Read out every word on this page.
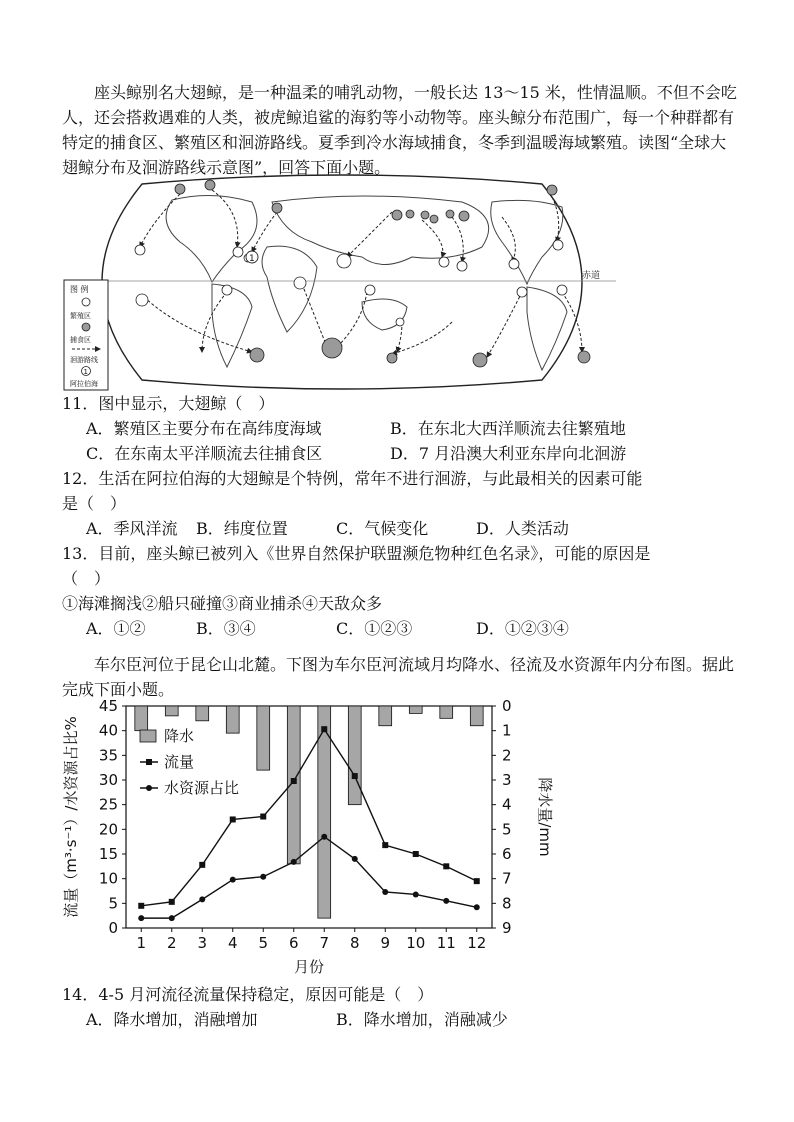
座头鲸别名大翅鲸，是一种温柔的哺乳动物，一般长达 13～15 米，性情温顺。不但不会吃人，还会搭救遇难的人类，被虎鲸追鲨的海豹等小动物等。座头鲸分布范围广，每一个种群都有特定的捕食区、繁殖区和洄游路线。夏季到冷水海域捕食，冬季到温暖海域繁殖。读图“全球大翅鲸分布及洄游路线示意图”，回答下面小题。

赤道
1
图 例
繁殖区
捕食区
洄游路线
1
阿拉伯海
11．图中显示，大翅鲸（　）
A．繁殖区主要分布在高纬度海域	B．在东北大西洋顺流去往繁殖地
C．在东南太平洋顺流去往捕食区	D．7 月沿澳大利亚东岸向北洄游
12．生活在阿拉伯海的大翅鲸是个特例，常年不进行洄游，与此最相关的因素可能
是（　）
A．季风洋流 B．纬度位置	C．气候变化	D．人类活动
13．目前，座头鲸已被列入《世界自然保护联盟濒危物种红色名录》，可能的原因是
（　）
①海滩搁浅②船只碰撞③商业捕杀④天敌众多
A．①②	B．③④	C．①②③	D．①②③④

车尔臣河位于昆仑山北麓。下图为车尔臣河流域月均降水、径流及水资源年内分布图。据此完成下面小题。

降水
流量
水资源占比
0
5
10
15
20
25
30
35
40
45	0
1
2
3
4
5
6
7
8
9
1 2 3 4 5 6 7 8 9 10 11 12
月份
流量（m³·s⁻¹）/水资源占比%	降水量/mm
14．4-5 月河流径流量保持稳定，原因可能是（　）
A．降水增加，消融增加	B．降水增加，消融减少
